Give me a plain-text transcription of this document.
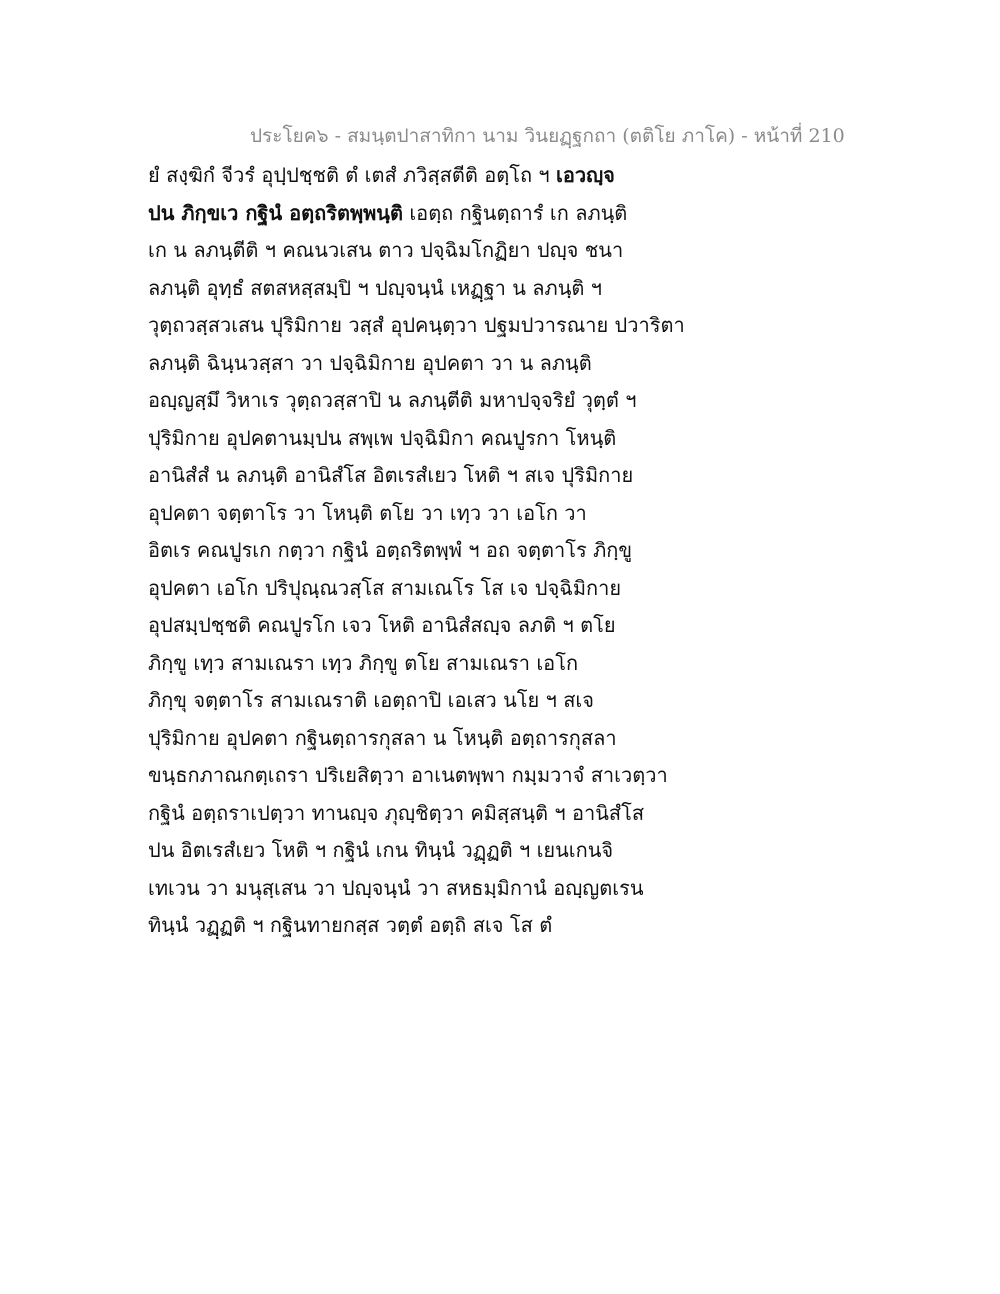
ประโยค๖ - สมนฺตปาสาทิกา นาม วินยฏฺฐกถา (ตติโย ภาโค) - หน้าที่ 210
ยํ สงฺฆิกํ จีวรํ อุปฺปชฺชติ ตํ เตสํ ภวิสฺสตีติ อตฺโถ ฯ เอวญฺจ
ปน ภิกฺขเว กฐินํ อตฺถริตพฺพนฺติ เอตฺถ กฐินตฺถารํ เก ลภนฺติ
เก น ลภนฺตีติ ฯ คณนวเสน ตาว ปจฺฉิมโกฏิยา ปญฺจ ชนา
ลภนฺติ อุทฺธํ สตสหสฺสมฺปิ ฯ ปญฺจนฺนํ เหฏฺฐา น ลภนฺติ ฯ
วุตฺถวสฺสวเสน ปุริมิกาย วสฺสํ อุปคนฺตฺวา ปฐมปวารณาย ปวาริตา
ลภนฺติ ฉินฺนวสฺสา วา ปจฺฉิมิกาย อุปคตา วา น ลภนฺติ
อญฺญสฺมึ วิหาเร วุตฺถวสฺสาปิ น ลภนฺตีติ มหาปจฺจริยํ วุตฺตํ ฯ
ปุริมิกาย อุปคตานมฺปน สพฺเพ ปจฺฉิมิกา คณปูรกา โหนฺติ
อานิสํสํ น ลภนฺติ อานิสํโส อิตเรสํเยว โหติ ฯ สเจ ปุริมิกาย
อุปคตา จตฺตาโร วา โหนฺติ ตโย วา เทฺว วา เอโก วา
อิตเร คณปูรเก กตฺวา กฐินํ อตฺถริตพฺพํ ฯ อถ จตฺตาโร ภิกฺขู
อุปคตา เอโก ปริปุณฺณวสฺโส สามเณโร โส เจ ปจฺฉิมิกาย
อุปสมฺปชฺชติ คณปูรโก เจว โหติ อานิสํสญฺจ ลภติ ฯ ตโย
ภิกฺขู เทฺว สามเณรา เทฺว ภิกฺขู ตโย สามเณรา เอโก
ภิกฺขุ จตฺตาโร สามเณราติ เอตฺถาปิ เอเสว นโย ฯ สเจ
ปุริมิกาย อุปคตา กฐินตฺถารกุสลา น โหนฺติ อตฺถารกุสลา
ขนฺธกภาณกตฺเถรา ปริเยสิตฺวา อาเนตพฺพา กมฺมวาจํ สาเวตฺวา
กฐินํ อตฺถราเปตฺวา ทานญฺจ ภุญฺชิตฺวา คมิสฺสนฺติ ฯ อานิสํโส
ปน อิตเรสํเยว โหติ ฯ กฐินํ เกน ทินฺนํ วฏฺฏติ ฯ เยนเกนจิ
เทเวน วา มนุสฺเสน วา ปญฺจนฺนํ วา สหธมฺมิกานํ อญฺญตเรน
ทินฺนํ วฏฺฏติ ฯ กฐินทายกสฺส วตฺตํ อตฺถิ สเจ โส ตํ
